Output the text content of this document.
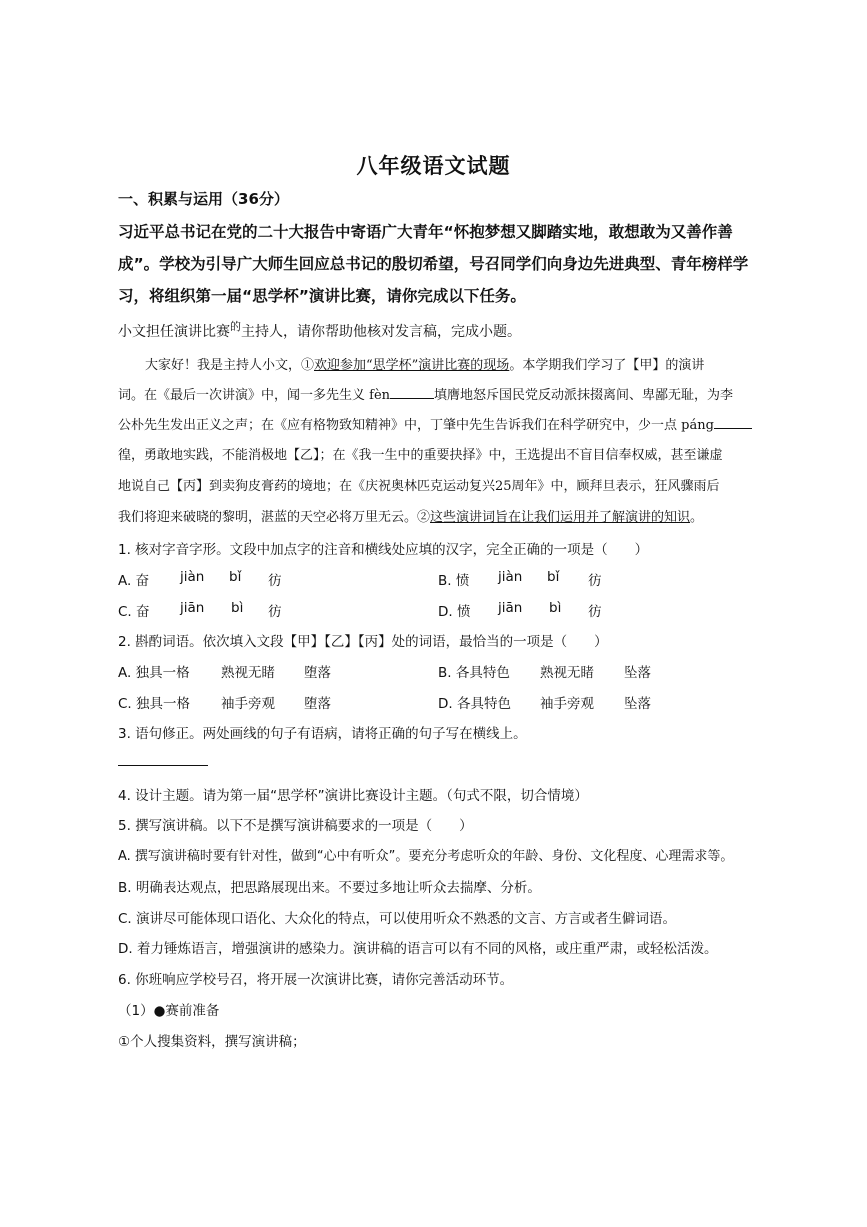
八年级语文试题
一、积累与运用（36分）
习近平总书记在党的二十大报告中寄语广大青年“怀抱梦想又脚踏实地，敢想敢为又善作善
成”。学校为引导广大师生回应总书记的殷切希望，号召同学们向身边先进典型、青年榜样学
习，将组织第一届“思学杯”演讲比赛，请你完成以下任务。
小文担任演讲比赛$^的$主持人，请你帮助他核对发言稿，完成小题。
大家好！我是主持人小文，①欢迎参加“思学杯”演讲比赛的现场。本学期我们学习了【甲】的演讲
词。在《最后一次讲演》中，闻一多先生义 fèn	填膺地怒斥国民党反动派抹掇离间、卑鄙无耻，为李
公朴先生发出正义之声；在《应有格物致知精神》中，丁肇中先生告诉我们在科学研究中，少一点 páng
徨，勇敢地实践，不能消极地【乙】；在《我一生中的重要抉择》中，王选提出不盲目信奉权威，甚至谦虚
地说自己【丙】到卖狗皮膏药的境地；在《庆祝奥林匹克运动复兴25周年》中，顾拜旦表示，狂风骤雨后
我们将迎来破晓的黎明，湛蓝的天空必将万里无云。②这些演讲词旨在让我们运用并了解演讲的知识。
1. 核对字音字形。文段中加点字的注音和横线处应填的汉字，完全正确的一项是（　　）
A. 奋 jiàn bǐ 彷	B. 愤 jiàn bǐ 彷
C. 奋 jiān bì 彷	D. 愤 jiān bì 彷
2. 斟酌词语。依次填入文段【甲】【乙】【丙】处的词语，最恰当的一项是（　　）
A. 独具一格 熟视无睹 堕落	B. 各具特色 熟视无睹 坠落
C. 独具一格 袖手旁观 堕落	D. 各具特色 袖手旁观 坠落
3. 语句修正。两处画线的句子有语病，请将正确的句子写在横线上。
4. 设计主题。请为第一届“思学杯”演讲比赛设计主题。（句式不限，切合情境）
5. 撰写演讲稿。以下不是撰写演讲稿要求的一项是（　　）
A. 撰写演讲稿时要有针对性，做到“心中有听众”。要充分考虑听众的年龄、身份、文化程度、心理需求等。
B. 明确表达观点，把思路展现出来。不要过多地让听众去揣摩、分析。
C. 演讲尽可能体现口语化、大众化的特点，可以使用听众不熟悉的文言、方言或者生僻词语。
D. 着力锤炼语言，增强演讲的感染力。演讲稿的语言可以有不同的风格，或庄重严肃，或轻松活泼。
6. 你班响应学校号召，将开展一次演讲比赛，请你完善活动环节。
（1）●赛前准备
①个人搜集资料，撰写演讲稿；
